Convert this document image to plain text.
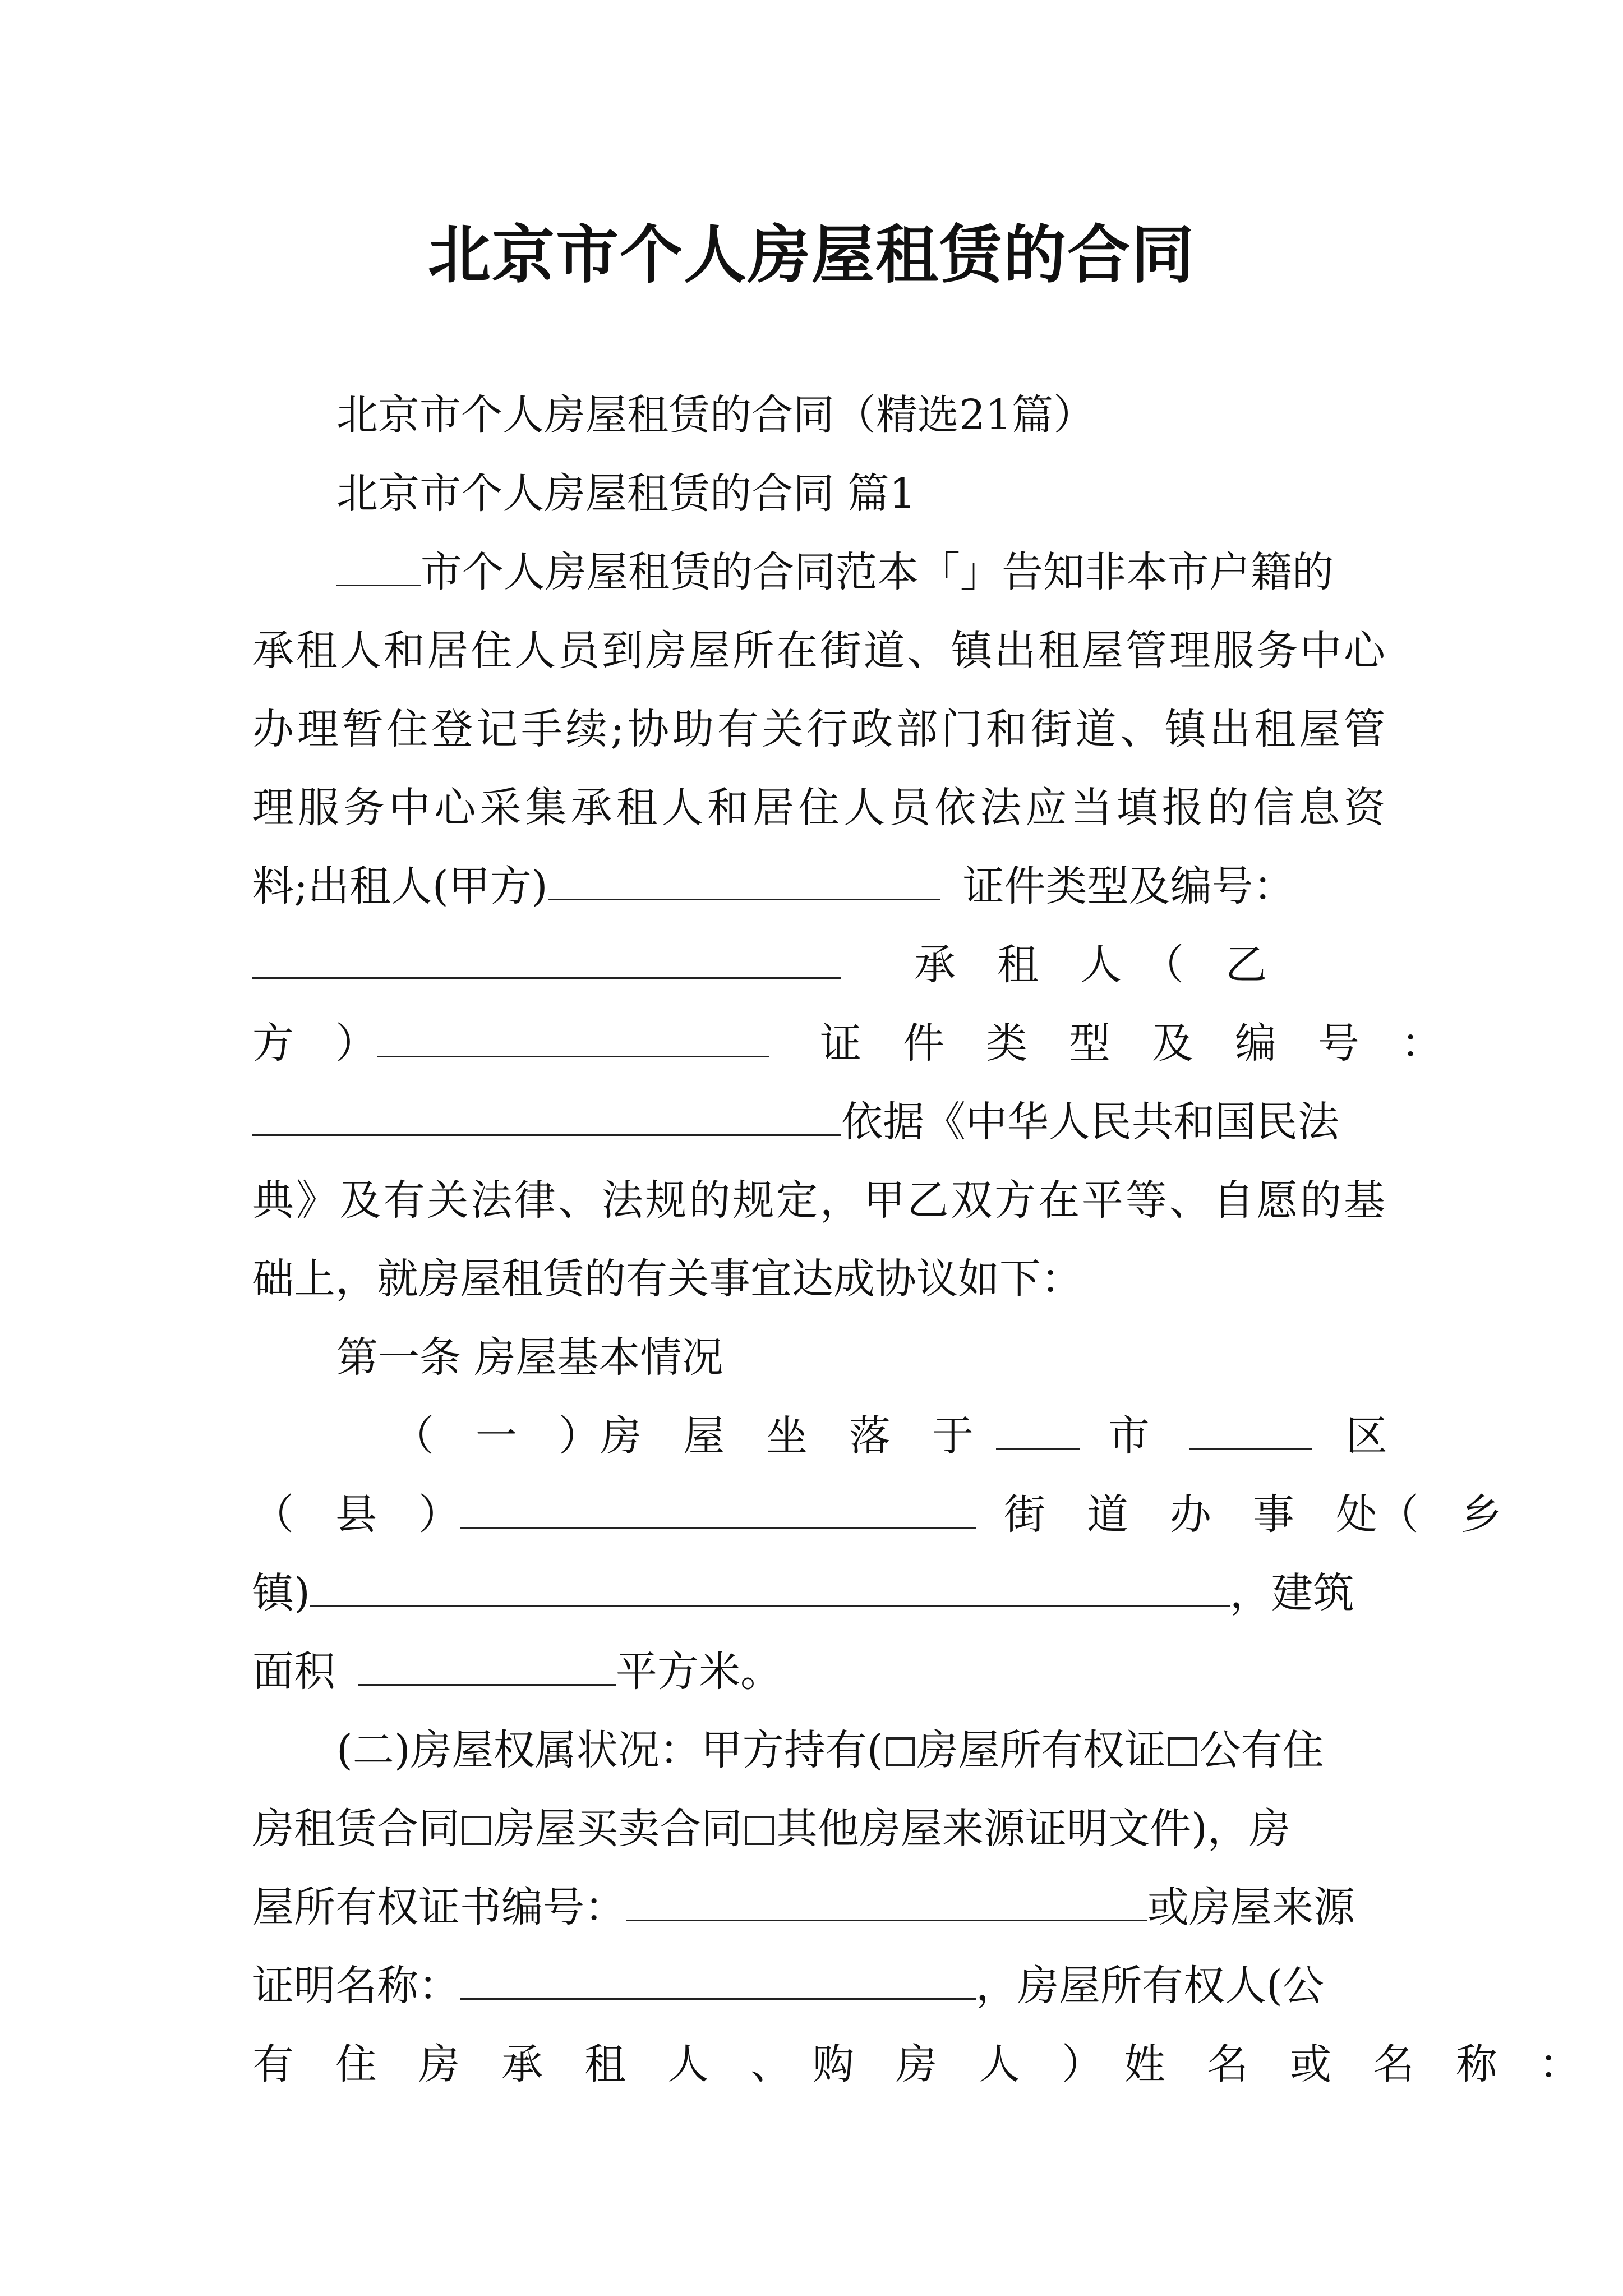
北京市个人房屋租赁的合同
北京市个人房屋租赁的合同（精选21篇）
北京市个人房屋租赁的合同 篇1
市个人房屋租赁的合同范本「」告知非本市户籍的
承租人和居住人员到房屋所在街道、镇出租屋管理服务中心
办理暂住登记手续;协助有关行政部门和街道、镇出租屋管
理服务中心采集承租人和居住人员依法应当填报的信息资
料;出租人(甲方)	证件类型及编号：
承　租　人　（　乙
方　）	证　件　类　型　及　编　号　：
依据《中华人民共和国民法
典》及有关法律、法规的规定，甲乙双方在平等、自愿的基
础上，就房屋租赁的有关事宜达成协议如下：
第一条 房屋基本情况
（　一　）房　屋　坐　落　于	市	区
（　县　）	街　道　办　事　处（　乡
镇)	，建筑
面积	平方米。
(二)房屋权属状况：甲方持有( 房屋所有权证 公有住
房租赁合同 房屋买卖合同 其他房屋来源证明文件)，房
屋所有权证书编号：	或房屋来源
证明名称：	，房屋所有权人(公
有　住　房　承　租　人　、　购　房　人　）　姓　名　或　名　称　：
